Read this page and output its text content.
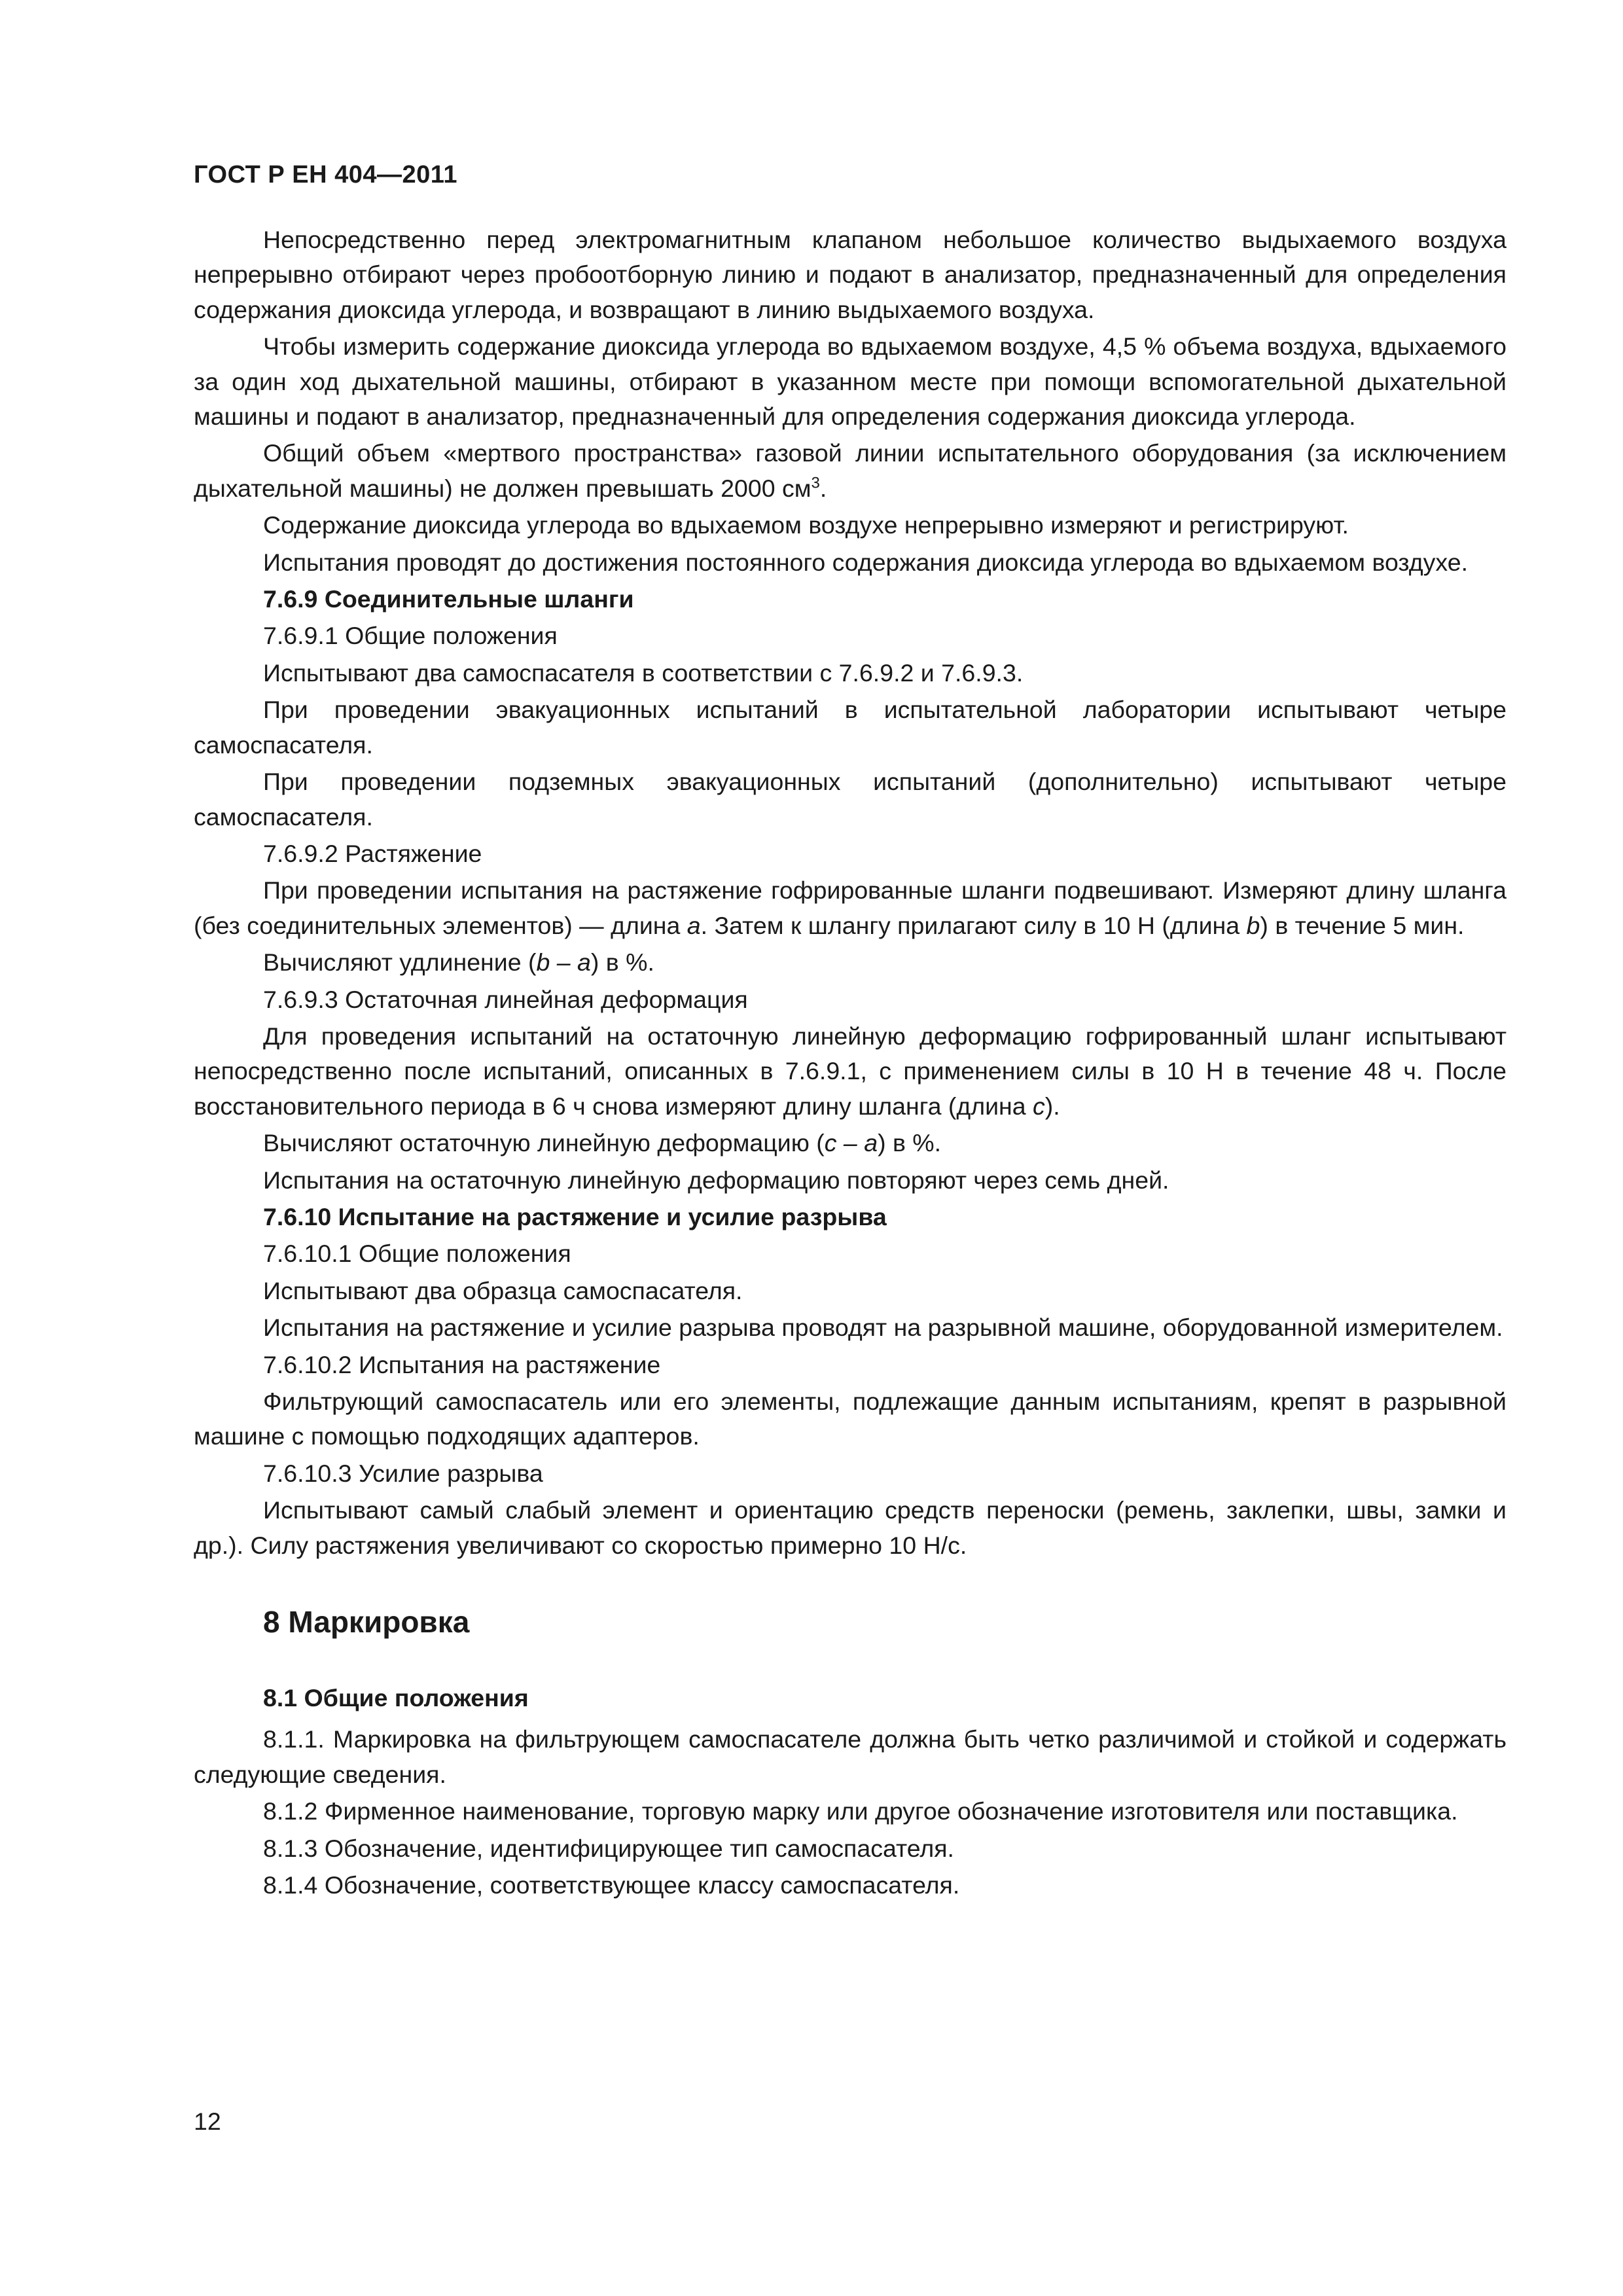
ГОСТ Р ЕН 404—2011

Непосредственно перед электромагнитным клапаном небольшое количество выдыхаемого воздуха непрерывно отбирают через пробоотборную линию и подают в анализатор, предназначенный для определения содержания диоксида углерода, и возвращают в линию выдыхаемого воздуха.

Чтобы измерить содержание диоксида углерода во вдыхаемом воздухе, 4,5 % объема воздуха, вдыхаемого за один ход дыхательной машины, отбирают в указанном месте при помощи вспомогательной дыхательной машины и подают в анализатор, предназначенный для определения содержания диоксида углерода.

Общий объем «мертвого пространства» газовой линии испытательного оборудования (за исключением дыхательной машины) не должен превышать 2000 $см^3$.

Содержание диоксида углерода во вдыхаемом воздухе непрерывно измеряют и регистрируют.

Испытания проводят до достижения постоянного содержания диоксида углерода во вдыхаемом воздухе.

7.6.9 Соединительные шланги

7.6.9.1 Общие положения

Испытывают два самоспасателя в соответствии с 7.6.9.2 и 7.6.9.3.

При проведении эвакуационных испытаний в испытательной лаборатории испытывают четыре самоспасателя.

При проведении подземных эвакуационных испытаний (дополнительно) испытывают четыре самоспасателя.

7.6.9.2 Растяжение

При проведении испытания на растяжение гофрированные шланги подвешивают. Измеряют длину шланга (без соединительных элементов) — длина a. Затем к шлангу прилагают силу в 10 Н (длина b) в течение 5 мин.

Вычисляют удлинение (b – a) в %.

7.6.9.3 Остаточная линейная деформация

Для проведения испытаний на остаточную линейную деформацию гофрированный шланг испытывают непосредственно после испытаний, описанных в 7.6.9.1, с применением силы в 10 Н в течение 48 ч. После восстановительного периода в 6 ч снова измеряют длину шланга (длина c).

Вычисляют остаточную линейную деформацию (c – a) в %.

Испытания на остаточную линейную деформацию повторяют через семь дней.

7.6.10 Испытание на растяжение и усилие разрыва

7.6.10.1 Общие положения

Испытывают два образца самоспасателя.

Испытания на растяжение и усилие разрыва проводят на разрывной машине, оборудованной измерителем.

7.6.10.2 Испытания на растяжение

Фильтрующий самоспасатель или его элементы, подлежащие данным испытаниям, крепят в разрывной машине с помощью подходящих адаптеров.

7.6.10.3 Усилие разрыва

Испытывают самый слабый элемент и ориентацию средств переноски (ремень, заклепки, швы, замки и др.). Силу растяжения увеличивают со скоростью примерно 10 Н/с.

8 Маркировка
8.1 Общие положения

8.1.1. Маркировка на фильтрующем самоспасателе должна быть четко различимой и стойкой и содержать следующие сведения.

8.1.2 Фирменное наименование, торговую марку или другое обозначение изготовителя или поставщика.

8.1.3 Обозначение, идентифицирующее тип самоспасателя.

8.1.4 Обозначение, соответствующее классу самоспасателя.

12
